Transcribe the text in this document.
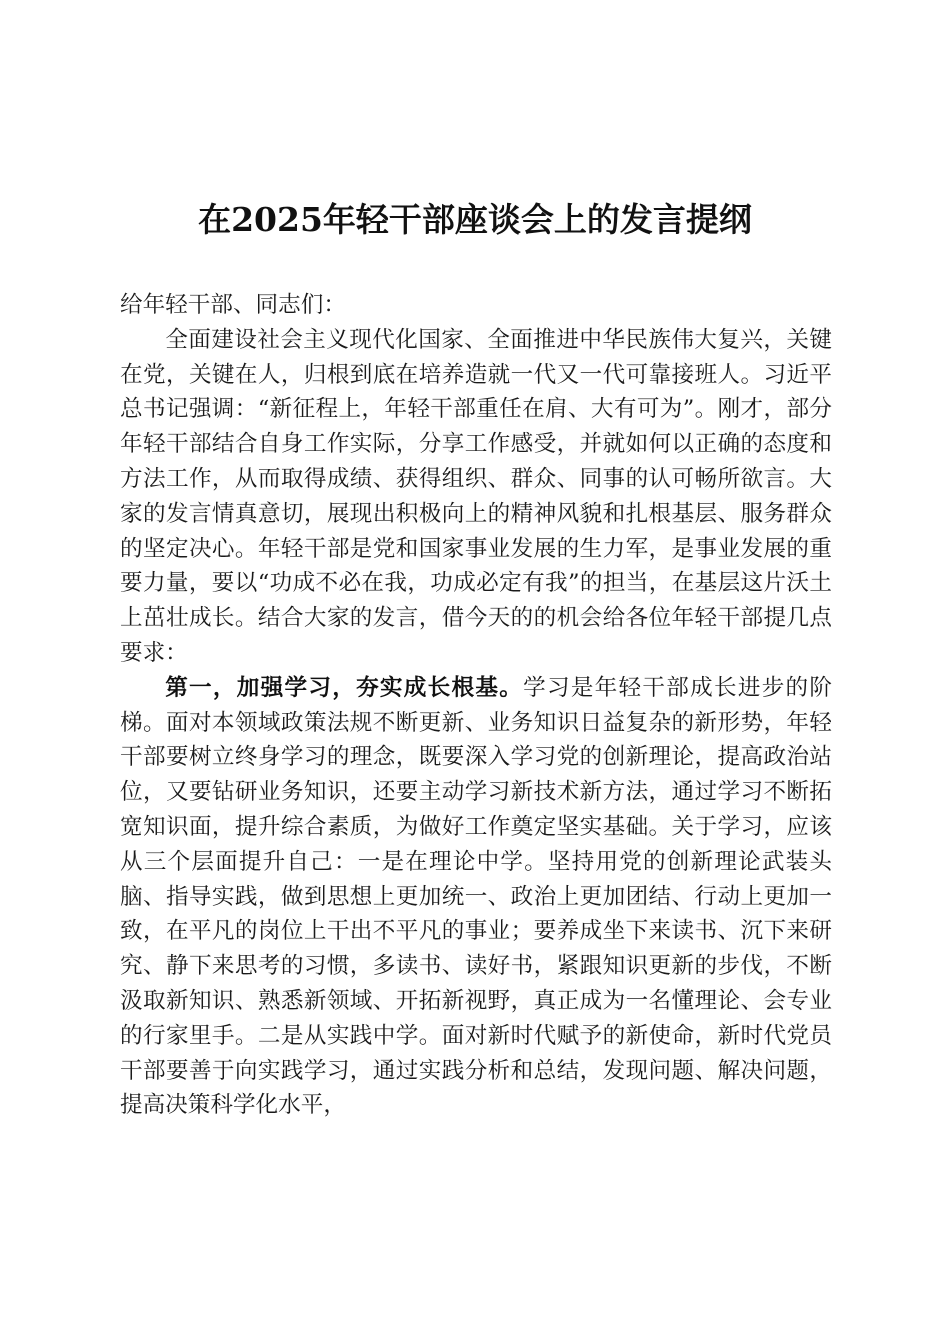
在2025年轻干部座谈会上的发言提纲

给年轻干部、同志们：

全面建设社会主义现代化国家、全面推进中华民族伟大复兴，关键在党，关键在人，归根到底在培养造就一代又一代可靠接班人。习近平总书记强调：“新征程上，年轻干部重任在肩、大有可为”。刚才，部分年轻干部结合自身工作实际，分享工作感受，并就如何以正确的态度和方法工作，从而取得成绩、获得组织、群众、同事的认可畅所欲言。大家的发言情真意切，展现出积极向上的精神风貌和扎根基层、服务群众的坚定决心。年轻干部是党和国家事业发展的生力军，是事业发展的重要力量，要以“功成不必在我，功成必定有我”的担当，在基层这片沃土上茁壮成长。结合大家的发言，借今天的的机会给各位年轻干部提几点要求：

第一，加强学习，夯实成长根基。学习是年轻干部成长进步的阶梯。面对本领域政策法规不断更新、业务知识日益复杂的新形势，年轻干部要树立终身学习的理念，既要深入学习党的创新理论，提高政治站位，又要钻研业务知识，还要主动学习新技术新方法，通过学习不断拓宽知识面，提升综合素质，为做好工作奠定坚实基础。关于学习，应该从三个层面提升自己：一是在理论中学。坚持用党的创新理论武装头脑、指导实践，做到思想上更加统一、政治上更加团结、行动上更加一致，在平凡的岗位上干出不平凡的事业；要养成坐下来读书、沉下来研究、静下来思考的习惯，多读书、读好书，紧跟知识更新的步伐，不断汲取新知识、熟悉新领域、开拓新视野，真正成为一名懂理论、会专业的行家里手。二是从实践中学。面对新时代赋予的新使命，新时代党员干部要善于向实践学习，通过实践分析和总结，发现问题、解决问题，提高决策科学化水平，
